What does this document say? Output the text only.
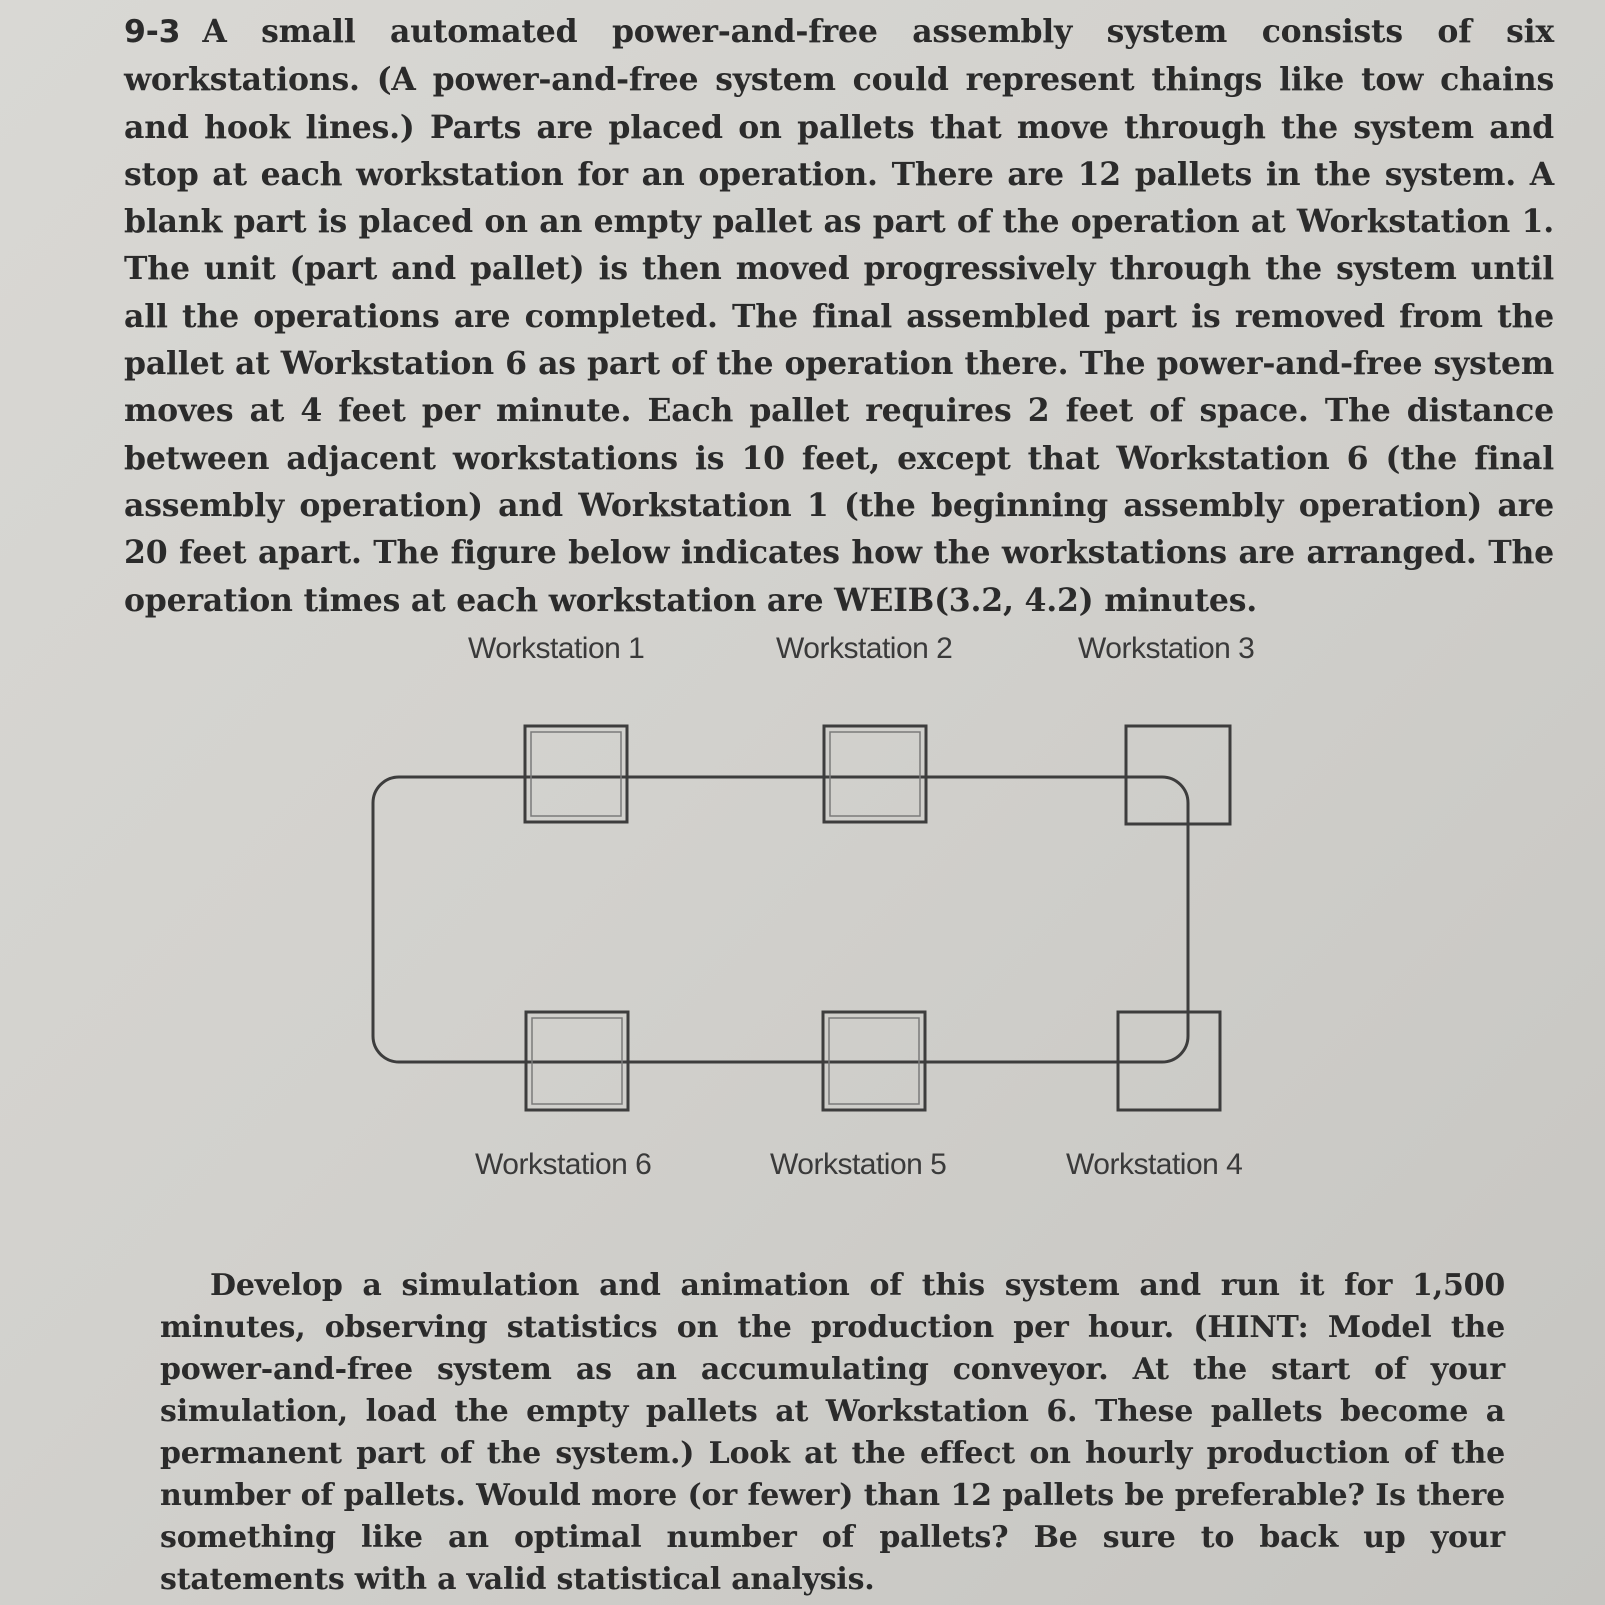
9-3 A small automated power-and-free assembly system consists of six workstations. (A power-and-free system could represent things like tow chains and hook lines.) Parts are placed on pallets that move through the system and stop at each workstation for an operation. There are 12 pallets in the system. A blank part is placed on an empty pallet as part of the operation at Workstation 1. The unit (part and pallet) is then moved progressively through the system until all the operations are completed. The final assembled part is removed from the pallet at Workstation 6 as part of the operation there. The power-and-free system moves at 4 feet per minute. Each pallet requires 2 feet of space. The distance between adjacent workstations is 10 feet, except that Workstation 6 (the final assembly operation) and Workstation 1 (the beginning assembly operation) are 20 feet apart. The figure below indicates how the workstations are arranged. The operation times at each workstation are WEIB(3.2, 4.2) minutes.
Workstation 1	Workstation 2	Workstation 3
Workstation 6	Workstation 5	Workstation 4
Develop a simulation and animation of this system and run it for 1,500 minutes, observing statistics on the production per hour. (HINT: Model the power-and-free system as an accumulating conveyor. At the start of your simulation, load the empty pallets at Workstation 6. These pallets become a permanent part of the system.) Look at the effect on hourly production of the number of pallets. Would more (or fewer) than 12 pallets be preferable? Is there something like an optimal number of pallets? Be sure to back up your statements with a valid statistical analysis.
